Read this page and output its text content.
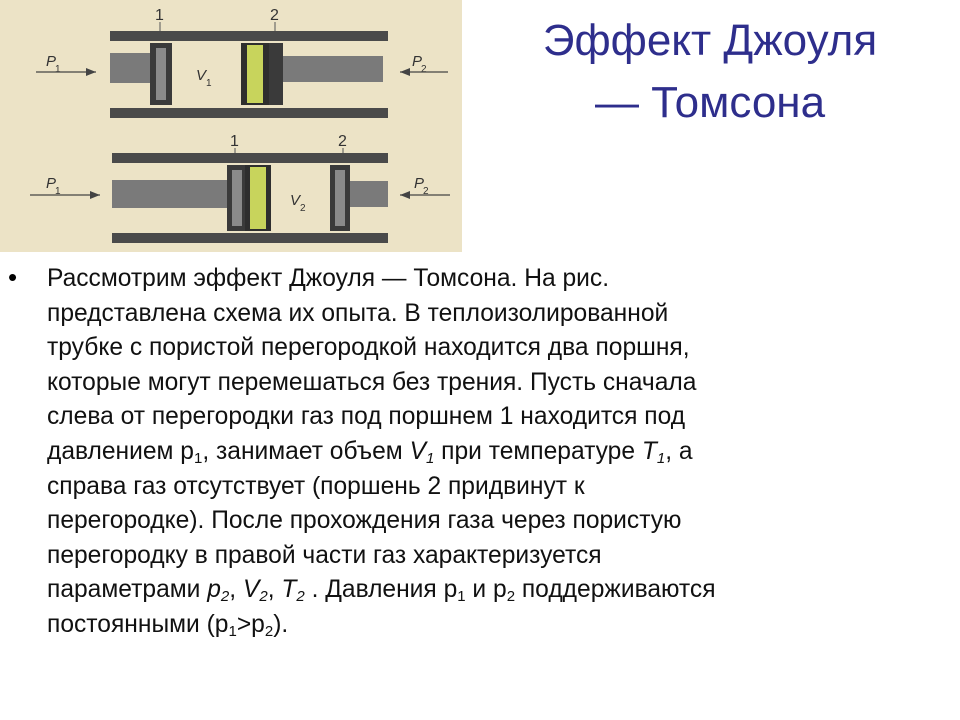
1	2
V 1
P
1	P
2
1	2
V 2
P
1	P
2
Эффект Джоуля
— Томсона
• Рассмотрим эффект Джоуля — Томсона. На рис.
представлена схема их опыта. В теплоизолированной
трубке с пористой перегородкой находится два поршня,
которые могут перемешаться без трения. Пусть сначала
слева от перегородки газ под поршнем 1 находится под
давлением $р_1$, занимает объем $V_1$ при температуре $T_1$, а
справа газ отсутствует (поршень 2 придвинут к
перегородке). После прохождения газа через пористую
перегородку в правой части газ характеризуется
параметрами $p_2$, $V_2$, $T_2$ . Давления $р_1$ и $р_2$ поддерживаются
постоянными $(р_1>р_2)$.
